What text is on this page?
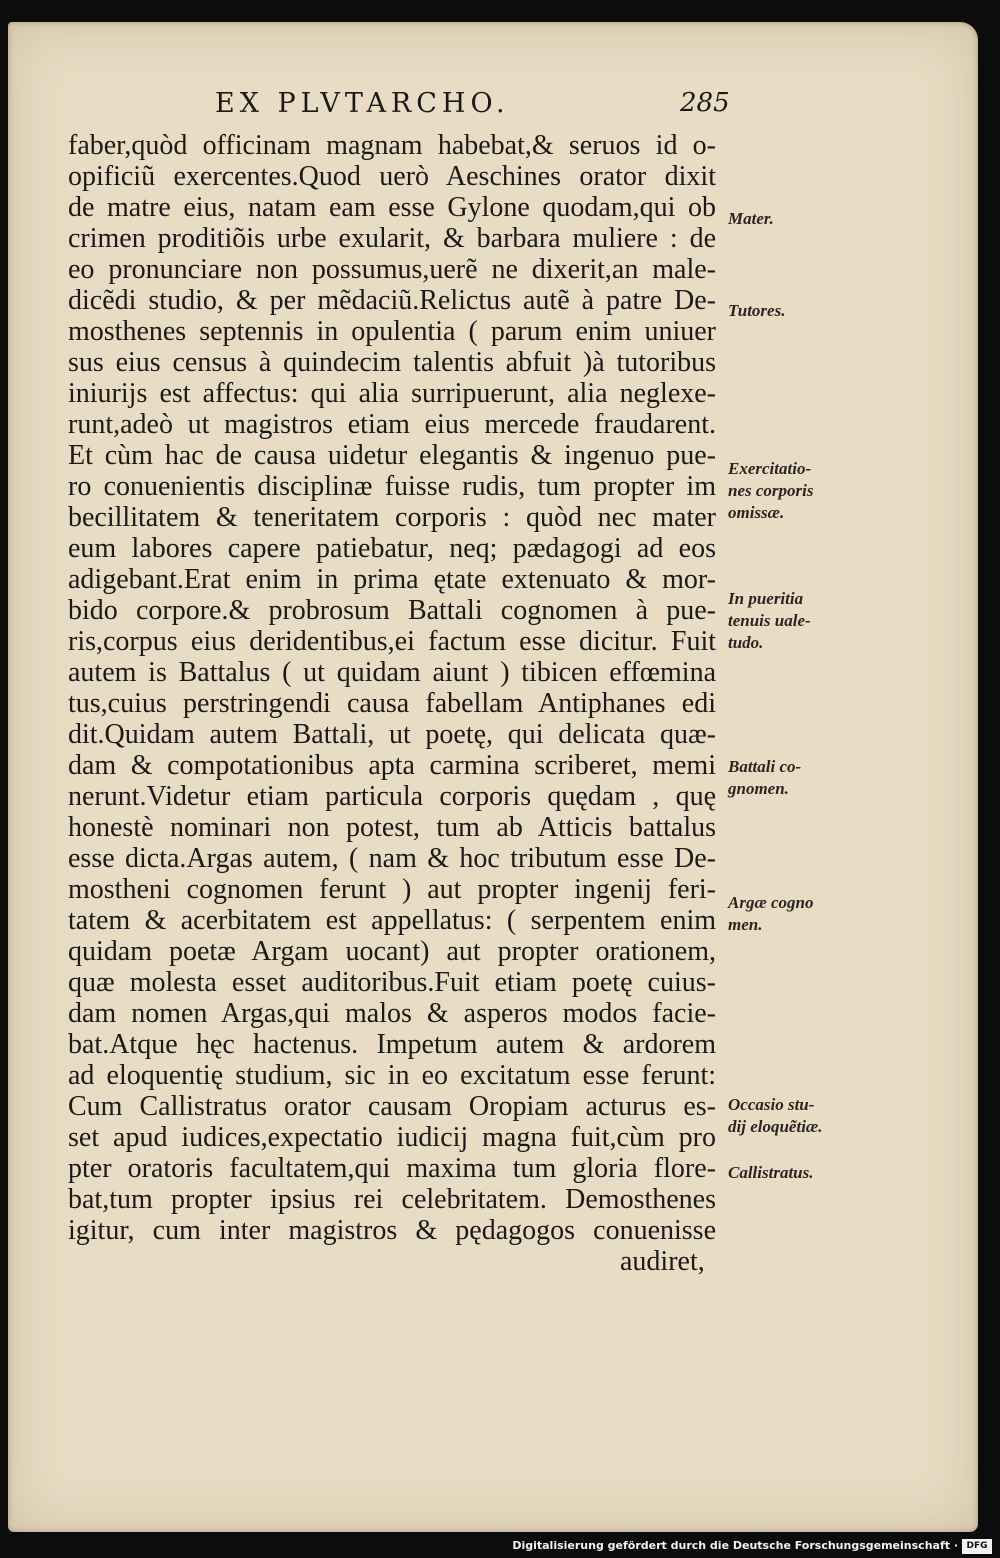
EX PLVTARCHO.	285
faber,quòd officinam magnam habebat,& seruos id o-
opificiũ exercentes.Quod uerò Aeschines orator dixit
de matre eius, natam eam esse Gylone quodam,qui ob
crimen proditiõis urbe exularit, & barbara muliere : de
eo pronunciare non possumus,uerẽ ne dixerit,an male-
dicẽdi studio, & per mẽdaciũ.Relictus autẽ à patre De-
mosthenes septennis in opulentia ( parum enim uniuer
sus eius census à quindecim talentis abfuit )à tutoribus
iniurijs est affectus: qui alia surripuerunt, alia neglexe-
runt,adeò ut magistros etiam eius mercede fraudarent.
Et cùm hac de causa uidetur elegantis & ingenuo pue-
ro conuenientis disciplinæ fuisse rudis, tum propter im
becillitatem & teneritatem corporis : quòd nec mater
eum labores capere patiebatur, neq; pædagogi ad eos
adigebant.Erat enim in prima ętate extenuato & mor-
bido corpore.& probrosum Battali cognomen à pue-
ris,corpus eius deridentibus,ei factum esse dicitur. Fuit
autem is Battalus ( ut quidam aiunt ) tibicen effœmina
tus,cuius perstringendi causa fabellam Antiphanes edi
dit.Quidam autem Battali, ut poetę, qui delicata quæ-
dam & compotationibus apta carmina scriberet, memi
nerunt.Videtur etiam particula corporis quędam , quę
honestè nominari non potest, tum ab Atticis battalus
esse dicta.Argas autem, ( nam & hoc tributum esse De-
mostheni cognomen ferunt ) aut propter ingenij feri-
tatem & acerbitatem est appellatus: ( serpentem enim
quidam poetæ Argam uocant) aut propter orationem,
quæ molesta esset auditoribus.Fuit etiam poetę cuius-
dam nomen Argas,qui malos & asperos modos facie-
bat.Atque hęc hactenus. Impetum autem & ardorem
ad eloquentię studium, sic in eo excitatum esse ferunt:
Cum Callistratus orator causam Oropiam acturus es-
set apud iudices,expectatio iudicij magna fuit,cùm pro
pter oratoris facultatem,qui maxima tum gloria flore-
bat,tum propter ipsius rei celebritatem. Demosthenes
igitur, cum inter magistros & pędagogos conuenisse
audiret,
Mater.
Tutores.
Exercitatio-
nes corporis
omissæ.
In pueritia
tenuis uale-
tudo.
Battali co-
gnomen.
Argæ cogno
men.
Occasio stu-
dij eloquẽtiæ.
Callistratus.
Digitalisierung gefördert durch die Deutsche Forschungsgemeinschaft · DFG
